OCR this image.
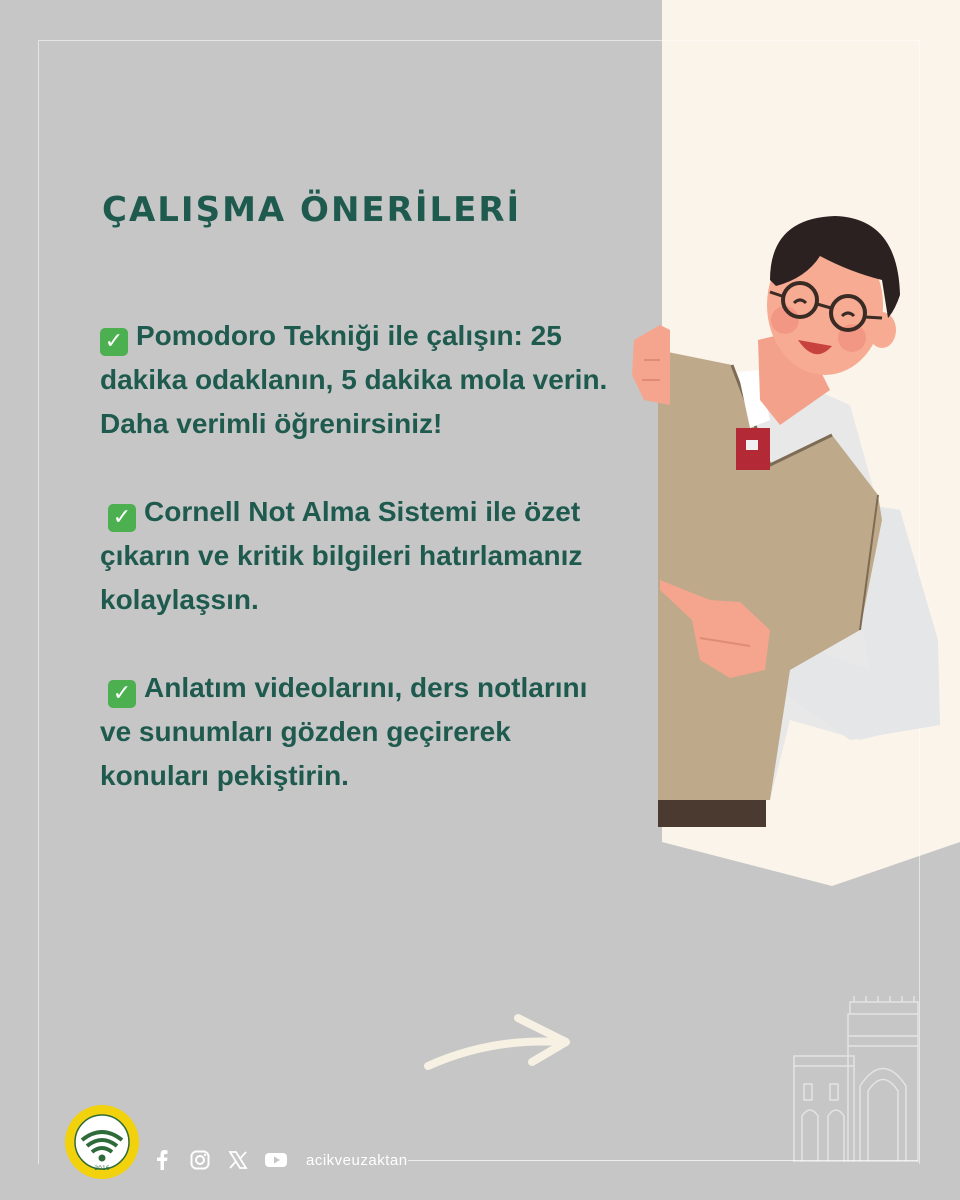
ÇALIŞMA ÖNERİLERİ

✓ Pomodoro Tekniği ile çalışın: 25 dakika odaklanın, 5 dakika mola verin. Daha verimli öğrenirsiniz!

✓ Cornell Not Alma Sistemi ile özet çıkarın ve kritik bilgileri hatırlamanız kolaylaşsın.

✓ Anlatım videolarını, ders notlarını ve sunumları gözden geçirerek konuları pekiştirin.

2016	acikveuzaktan
